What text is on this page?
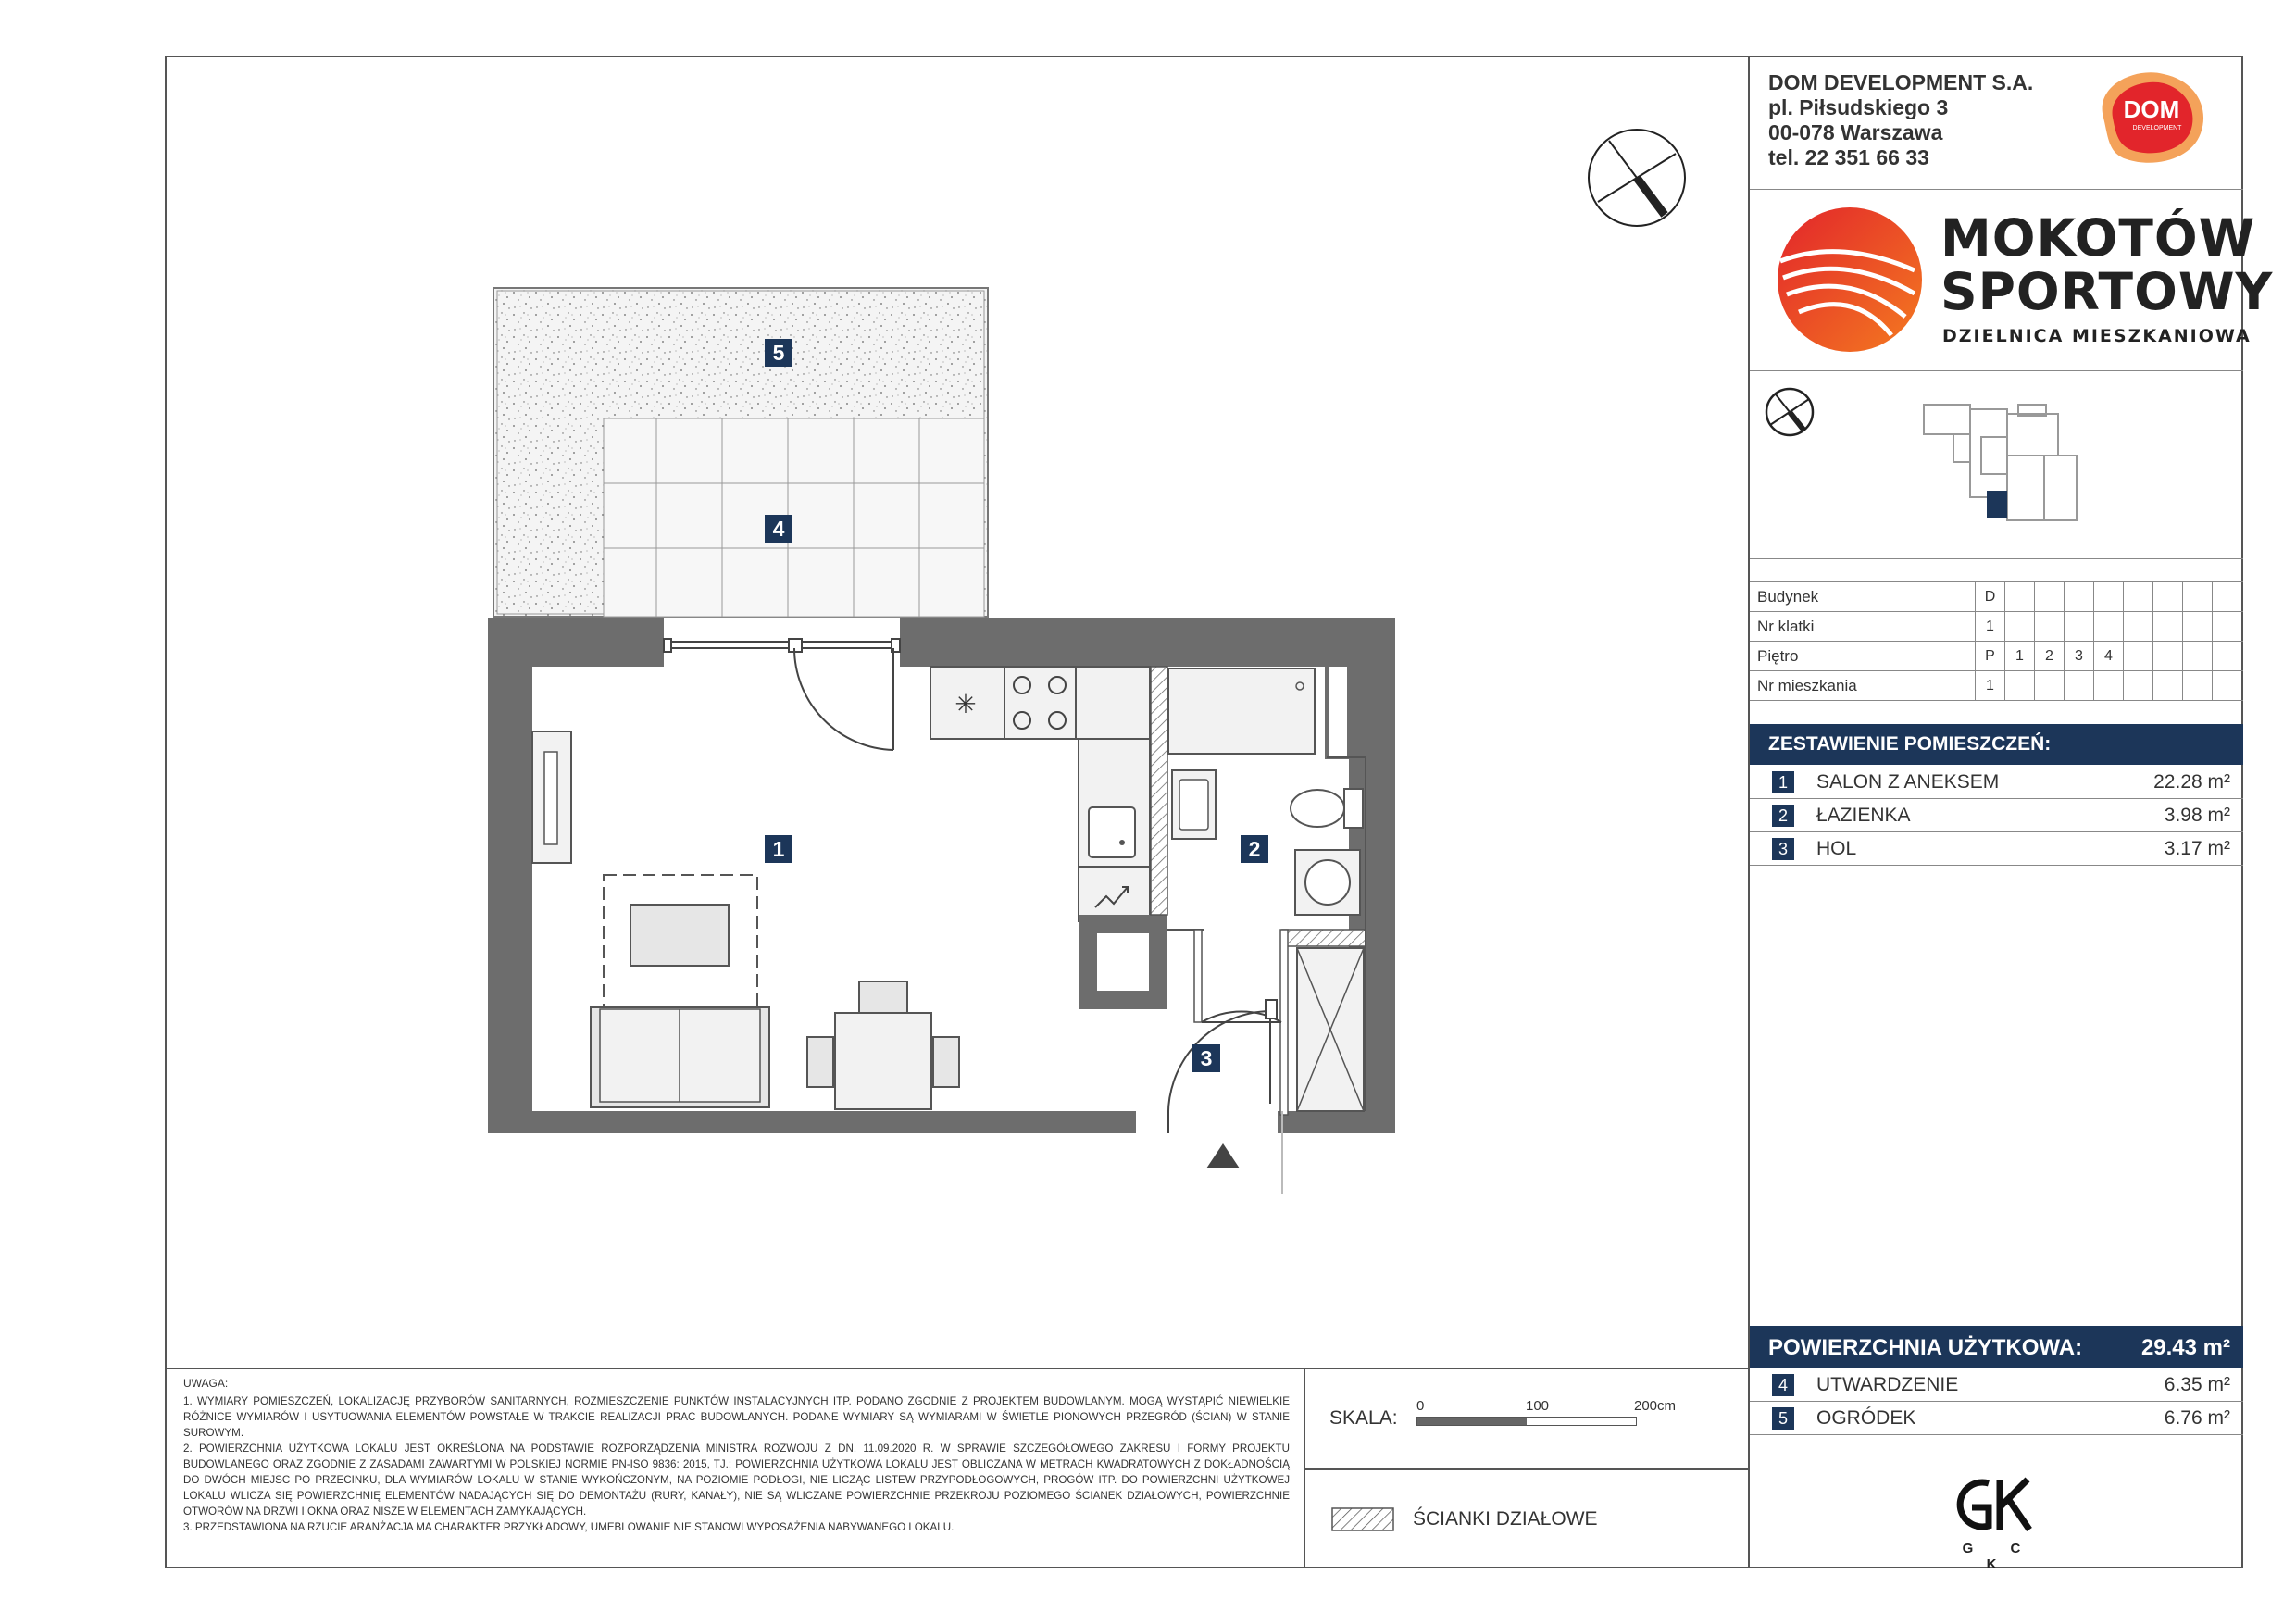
DOM DEVELOPMENT S.A.
pl. Piłsudskiego 3
00-078 Warszawa
tel. 22 351 66 33
DOM
DEVELOPMENT
MOKOTÓW
SPORTOWY
DZIELNICA MIESZKANIOWA
Budynek	D
Nr klatki	1
Piętro	P	1	2	3	4
Nr mieszkania	1
ZESTAWIENIE POMIESZCZEŃ:
1	SALON Z ANEKSEM	22.28 m²
2	ŁAZIENKA	3.98 m²
3	HOL	3.17 m²
POWIERZCHNIA UŻYTKOWA:	29.43 m²
4	UTWARDZENIE	6.35 m²
5	OGRÓDEK	6.76 m²
G C K
UWAGA:
1. WYMIARY POMIESZCZEŃ, LOKALIZACJĘ PRZYBORÓW SANITARNYCH, ROZMIESZCZENIE PUNKTÓW INSTALACYJNYCH ITP. PODANO ZGODNIE Z PROJEKTEM BUDOWLANYM. MOGĄ WYSTĄPIĆ NIEWIELKIE RÓŻNICE WYMIARÓW I USYTUOWANIA ELEMENTÓW POWSTAŁE W TRAKCIE REALIZACJI PRAC BUDOWLANYCH. PODANE WYMIARY SĄ WYMIARAMI W ŚWIETLE PIONOWYCH PRZEGRÓD (ŚCIAN) W STANIE SUROWYM.
2. POWIERZCHNIA UŻYTKOWA LOKALU JEST OKREŚLONA NA PODSTAWIE ROZPORZĄDZENIA MINISTRA ROZWOJU Z DN. 11.09.2020 R. W SPRAWIE SZCZEGÓŁOWEGO ZAKRESU I FORMY PROJEKTU BUDOWLANEGO ORAZ ZGODNIE Z ZASADAMI ZAWARTYMI W POLSKIEJ NORMIE PN-ISO 9836: 2015, TJ.: POWIERZCHNIA UŻYTKOWA LOKALU JEST OBLICZANA W METRACH KWADRATOWYCH Z DOKŁADNOŚCIĄ DO DWÓCH MIEJSC PO PRZECINKU, DLA WYMIARÓW LOKALU W STANIE WYKOŃCZONYM, NA POZIOMIE PODŁOGI, NIE LICZĄC LISTEW PRZYPODŁOGOWYCH, PROGÓW ITP. DO POWIERZCHNI UŻYTKOWEJ LOKALU WLICZA SIĘ POWIERZCHNIĘ ELEMENTÓW NADAJĄCYCH SIĘ DO DEMONTAŻU (RURY, KANAŁY), NIE SĄ WLICZANE POWIERZCHNIE PRZEKROJU POZIOMEGO ŚCIANEK DZIAŁOWYCH, POWIERZCHNIE OTWORÓW NA DRZWI I OKNA ORAZ NISZE W ELEMENTACH ZAMYKAJĄCYCH.
3. PRZEDSTAWIONA NA RZUCIE ARANŻACJA MA CHARAKTER PRZYKŁADOWY, UMEBLOWANIE NIE STANOWI WYPOSAŻENIA NABYWANEGO LOKALU.
SKALA:
0	100	200cm
ŚCIANKI DZIAŁOWE
✳
5
4
1	2
3
